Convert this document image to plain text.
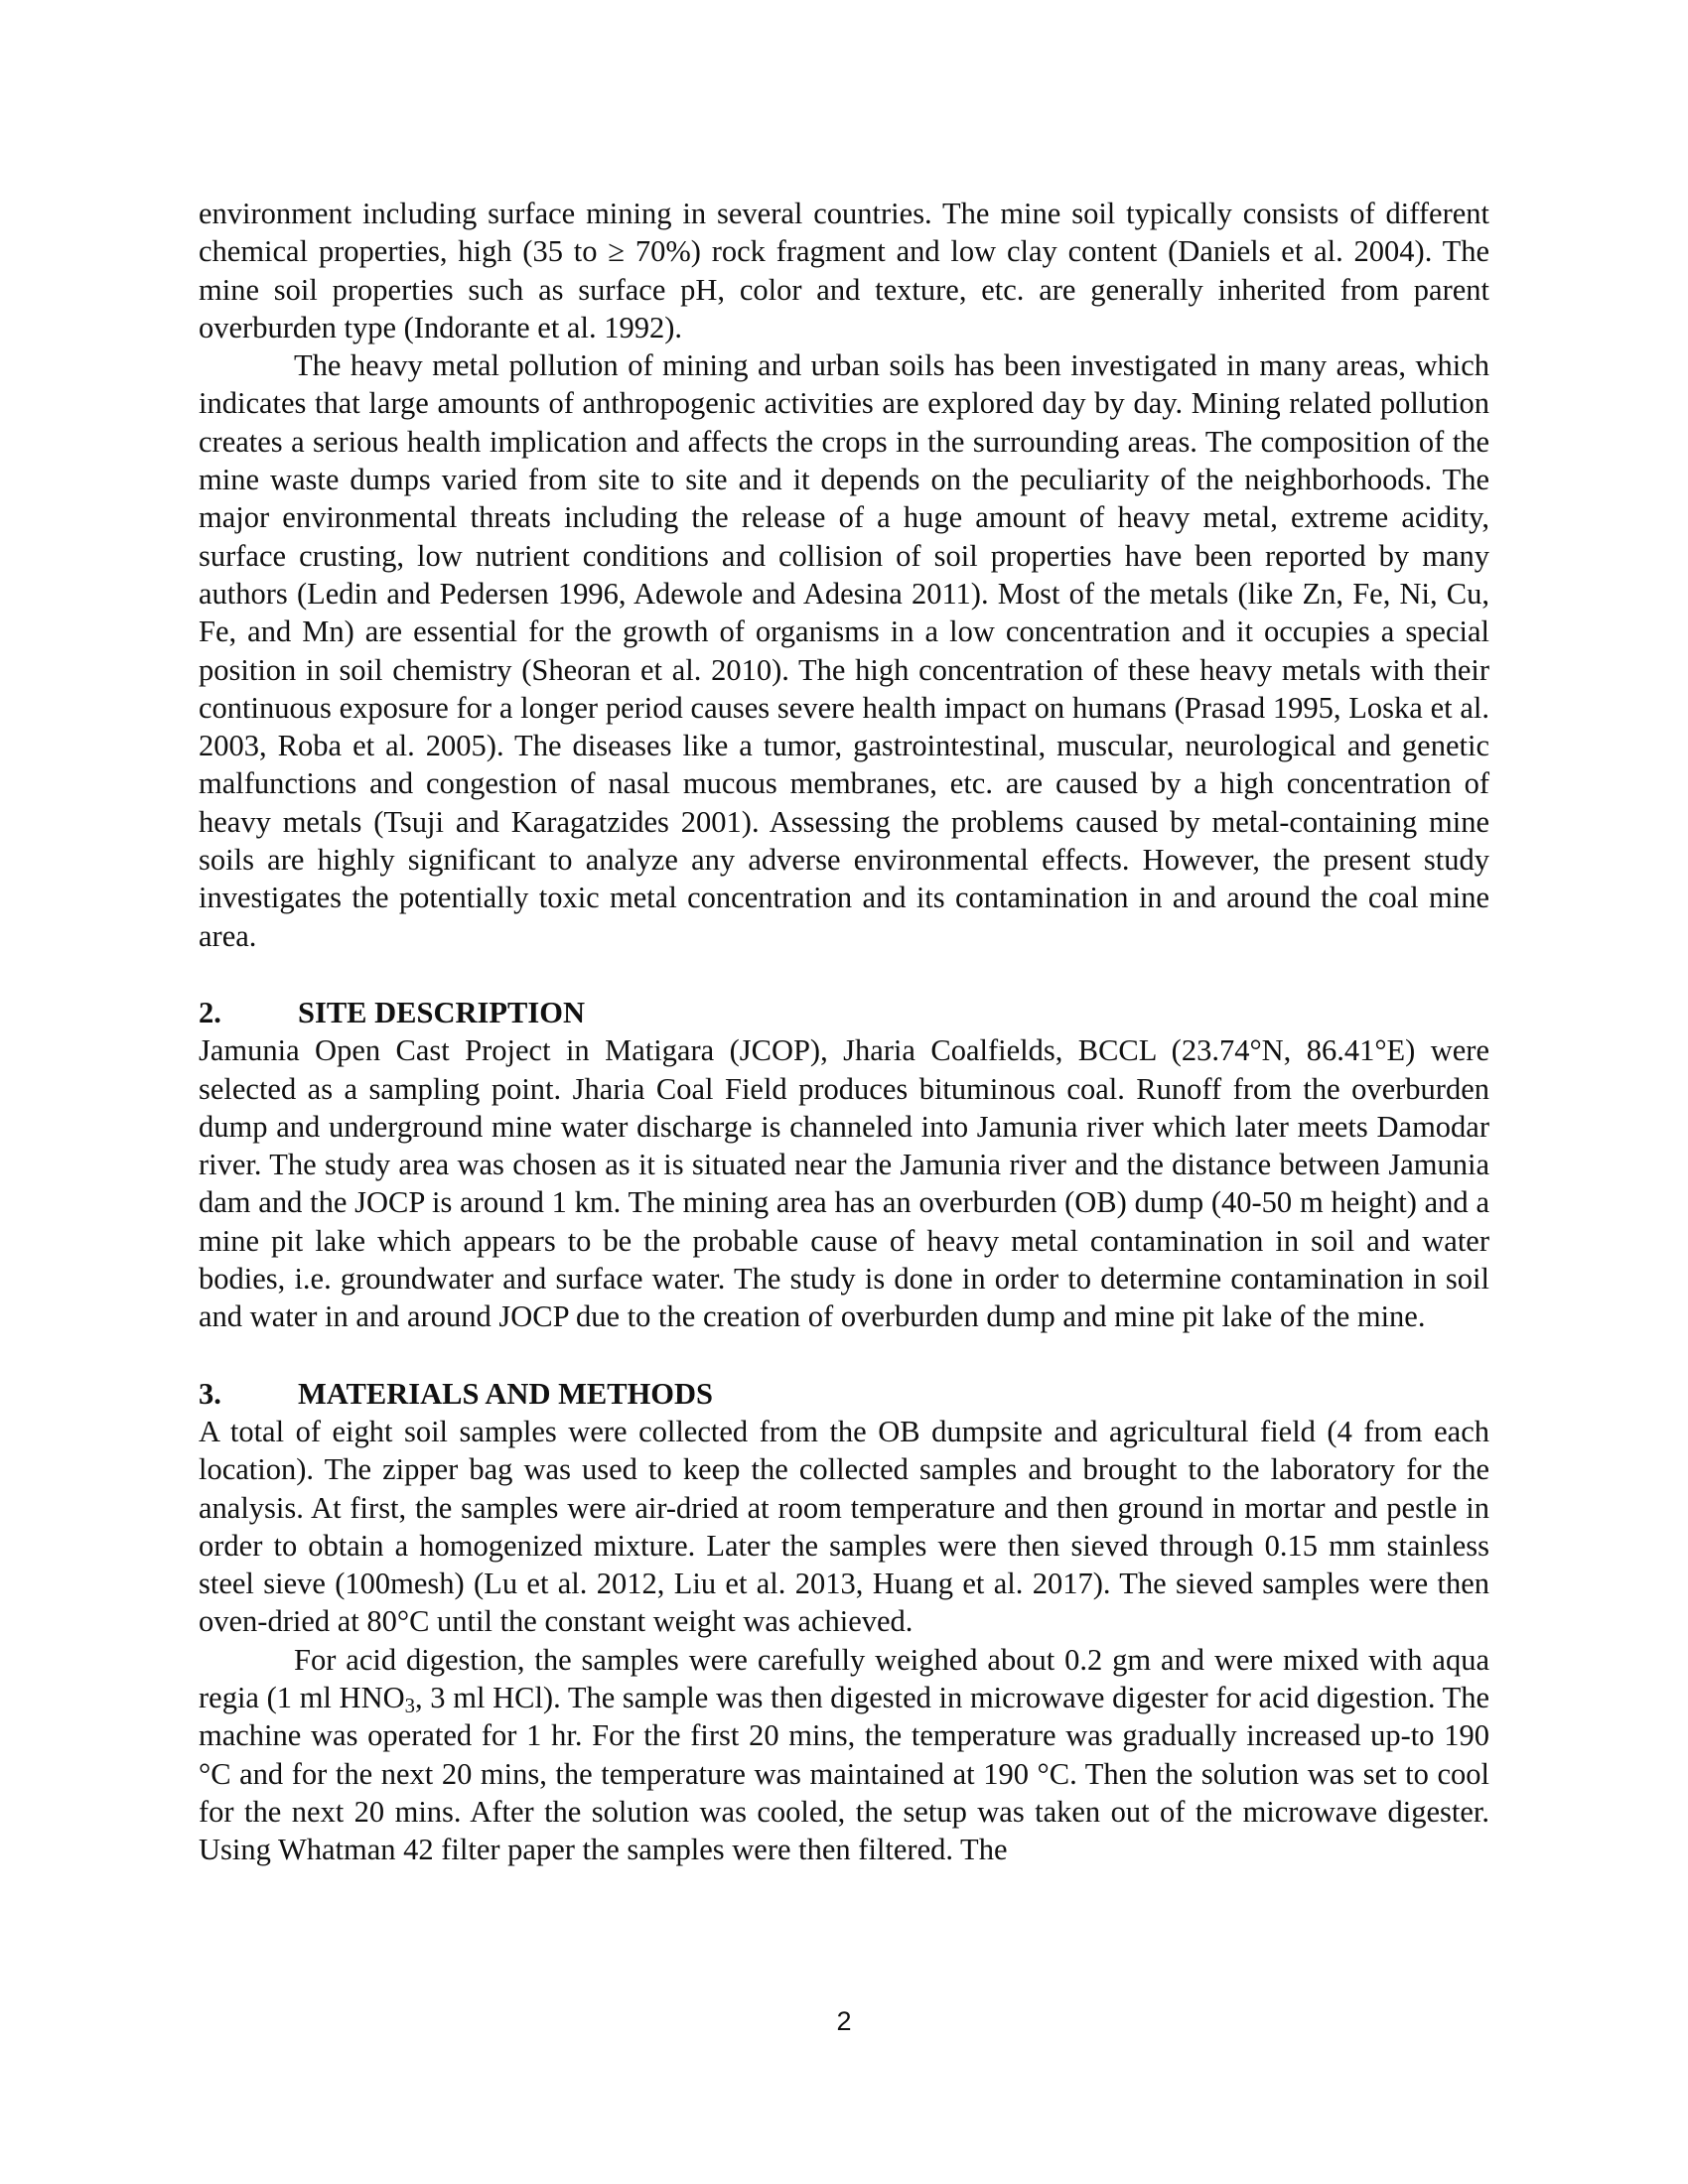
environment including surface mining in several countries. The mine soil typically consists of different chemical properties, high (35 to ≥ 70%) rock fragment and low clay content (Daniels et al. 2004). The mine soil properties such as surface pH, color and texture, etc. are generally inherited from parent overburden type (Indorante et al. 1992).

The heavy metal pollution of mining and urban soils has been investigated in many areas, which indicates that large amounts of anthropogenic activities are explored day by day. Mining related pollution creates a serious health implication and affects the crops in the surrounding areas. The composition of the mine waste dumps varied from site to site and it depends on the peculiarity of the neighborhoods. The major environmental threats including the release of a huge amount of heavy metal, extreme acidity, surface crusting, low nutrient conditions and collision of soil properties have been reported by many authors (Ledin and Pedersen 1996, Adewole and Adesina 2011). Most of the metals (like Zn, Fe, Ni, Cu, Fe, and Mn) are essential for the growth of organisms in a low concentration and it occupies a special position in soil chemistry (Sheoran et al. 2010). The high concentration of these heavy metals with their continuous exposure for a longer period causes severe health impact on humans (Prasad 1995, Loska et al. 2003, Roba et al. 2005). The diseases like a tumor, gastrointestinal, muscular, neurological and genetic malfunctions and congestion of nasal mucous membranes, etc. are caused by a high concentration of heavy metals (Tsuji and Karagatzides 2001). Assessing the problems caused by metal-containing mine soils are highly significant to analyze any adverse environmental effects. However, the present study investigates the potentially toxic metal concentration and its contamination in and around the coal mine area.

2.	SITE DESCRIPTION

Jamunia Open Cast Project in Matigara (JCOP), Jharia Coalfields, BCCL (23.74°N, 86.41°E) were selected as a sampling point. Jharia Coal Field produces bituminous coal. Runoff from the overburden dump and underground mine water discharge is channeled into Jamunia river which later meets Damodar river. The study area was chosen as it is situated near the Jamunia river and the distance between Jamunia dam and the JOCP is around 1 km. The mining area has an overburden (OB) dump (40-50 m height) and a mine pit lake which appears to be the probable cause of heavy metal contamination in soil and water bodies, i.e. groundwater and surface water. The study is done in order to determine contamination in soil and water in and around JOCP due to the creation of overburden dump and mine pit lake of the mine.

3.	MATERIALS AND METHODS

A total of eight soil samples were collected from the OB dumpsite and agricultural field (4 from each location). The zipper bag was used to keep the collected samples and brought to the laboratory for the analysis. At first, the samples were air-dried at room temperature and then ground in mortar and pestle in order to obtain a homogenized mixture. Later the samples were then sieved through 0.15 mm stainless steel sieve (100mesh) (Lu et al. 2012, Liu et al. 2013, Huang et al. 2017). The sieved samples were then oven-dried at 80°C until the constant weight was achieved.

For acid digestion, the samples were carefully weighed about 0.2 gm and were mixed with aqua regia (1 ml $HNO_3$, 3 ml HCl). The sample was then digested in microwave digester for acid digestion. The machine was operated for 1 hr. For the first 20 mins, the temperature was gradually increased up-to 190 °C and for the next 20 mins, the temperature was maintained at 190 °C. Then the solution was set to cool for the next 20 mins. After the solution was cooled, the setup was taken out of the microwave digester. Using Whatman 42 filter paper the samples were then filtered. The

2
